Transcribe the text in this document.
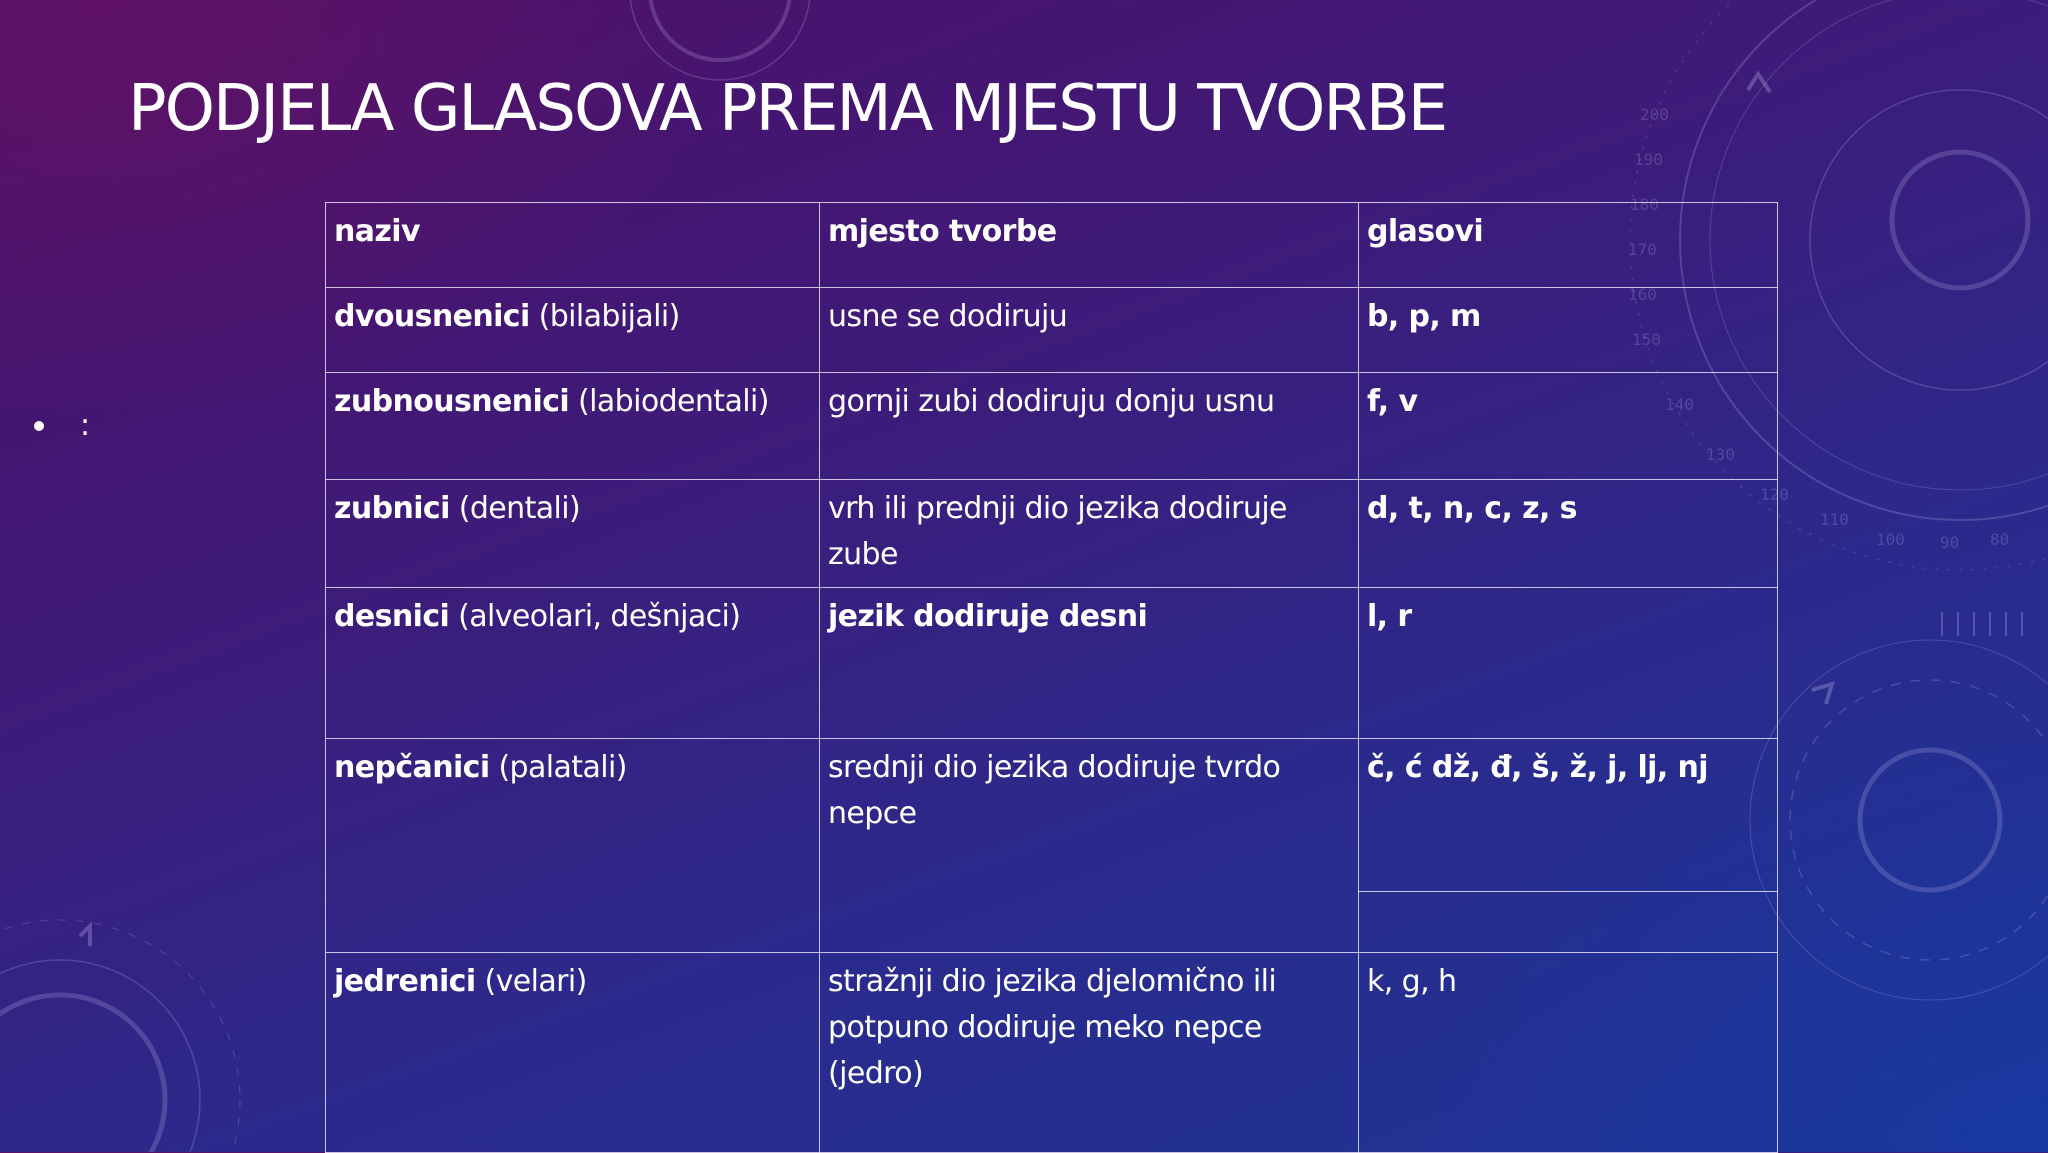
200
190
180
170
160
150
140
130
120
110
100 90 80
PODJELA GLASOVA PREMA MJESTU TVORBE
:
naziv	mjesto tvorbe	glasovi
dvousnenici (bilabijali)	usne se dodiruju	b, p, m
zubnousnenici (labiodentali)	gornji zubi dodiruju donju usnu	f, v
zubnici (dentali)	vrh ili prednji dio jezika dodiruje zube	d, t, n, c, z, s
desnici (alveolari, dešnjaci)	jezik dodiruje desni	l, r
nepčanici (palatali)	srednji dio jezika dodiruje tvrdo nepce	č, ć dž, đ, š, ž, j, lj, nj

jedrenici (velari)	stražnji dio jezika djelomično ili potpuno dodiruje meko nepce (jedro)	k, g, h
